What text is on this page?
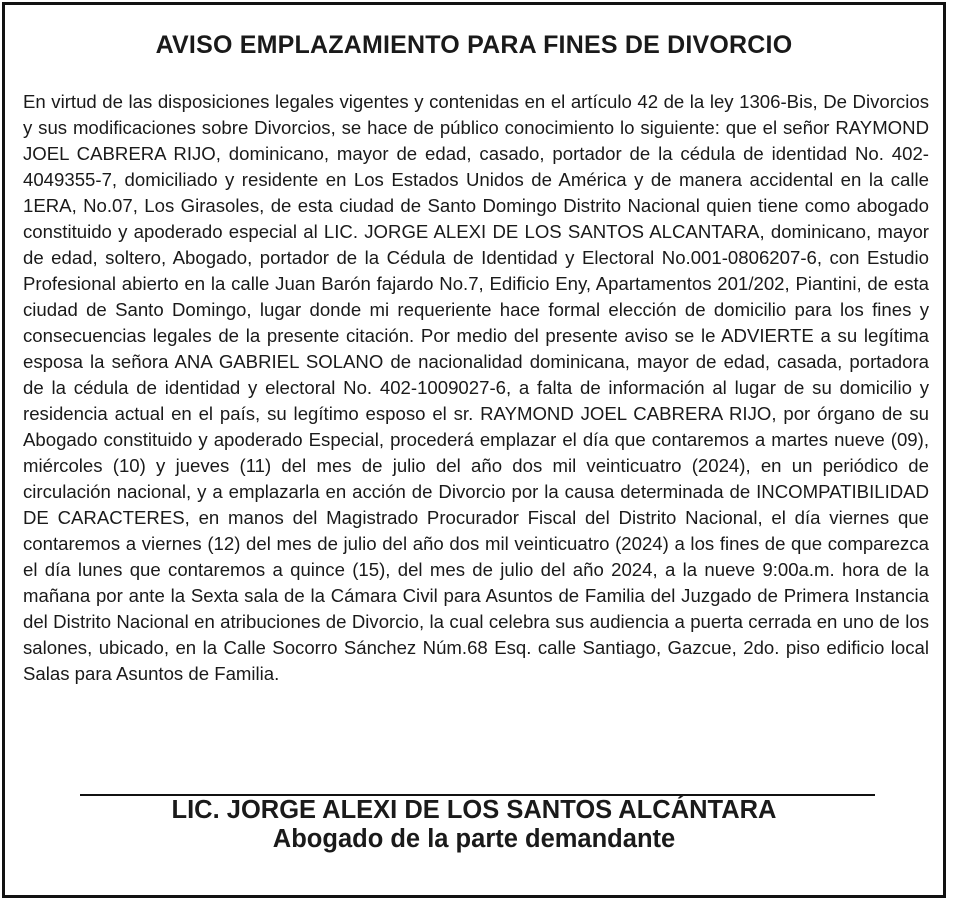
AVISO EMPLAZAMIENTO PARA FINES DE DIVORCIO

En virtud de las disposiciones legales vigentes y contenidas en el artículo 42 de la ley 1306-Bis, De Divorcios y sus modificaciones sobre Divorcios, se hace de público conocimiento lo siguiente: que el señor RAYMOND JOEL CABRERA RIJO, dominicano, mayor de edad, casado, portador de la cédula de identidad No. 402-4049355-7, domiciliado y residente en Los Estados Unidos de América y de manera accidental en la calle 1ERA, No.07, Los Girasoles, de esta ciudad de Santo Domingo Distrito Nacional quien tiene como abogado constituido y apoderado especial al LIC. JORGE ALEXI DE LOS SANTOS ALCANTARA, dominicano, mayor de edad, soltero, Abogado, portador de la Cédula de Identidad y Electoral No.001-0806207-6, con Estudio Profesional abierto en la calle Juan Barón fajardo No.7, Edificio Eny, Apartamentos 201/202, Piantini, de esta ciudad de Santo Domingo, lugar donde mi requeriente hace formal elección de domicilio para los fines y consecuencias legales de la presente citación. Por medio del presente aviso se le ADVIERTE a su legítima esposa la señora ANA GABRIEL SOLANO de nacionalidad dominicana, mayor de edad, casada, portadora de la cédula de identidad y electoral No. 402-1009027-6, a falta de información al lugar de su domicilio y residencia actual en el país, su legítimo esposo el sr. RAYMOND JOEL CABRERA RIJO, por órgano de su Abogado constituido y apoderado Especial, procederá emplazar el día que contaremos a martes nueve (09), miércoles (10) y jueves (11) del mes de julio del año dos mil veinticuatro (2024), en un periódico de circulación nacional, y a emplazarla en acción de Divorcio por la causa determinada de INCOMPATIBILIDAD DE CARACTERES, en manos del Magistrado Procurador Fiscal del Distrito Nacional, el día viernes que contaremos a viernes (12) del mes de julio del año dos mil veinticuatro (2024) a los fines de que comparezca el día lunes que contaremos a quince (15), del mes de julio del año 2024, a la nueve 9:00a.m. hora de la mañana por ante la Sexta sala de la Cámara Civil para Asuntos de Familia del Juzgado de Primera Instancia del Distrito Nacional en atribuciones de Divorcio, la cual celebra sus audiencia a puerta cerrada en uno de los salones, ubicado, en la Calle Socorro Sánchez Núm.68 Esq. calle Santiago, Gazcue, 2do. piso edificio local Salas para Asuntos de Familia.

LIC. JORGE ALEXI DE LOS SANTOS ALCÁNTARA

Abogado de la parte demandante
